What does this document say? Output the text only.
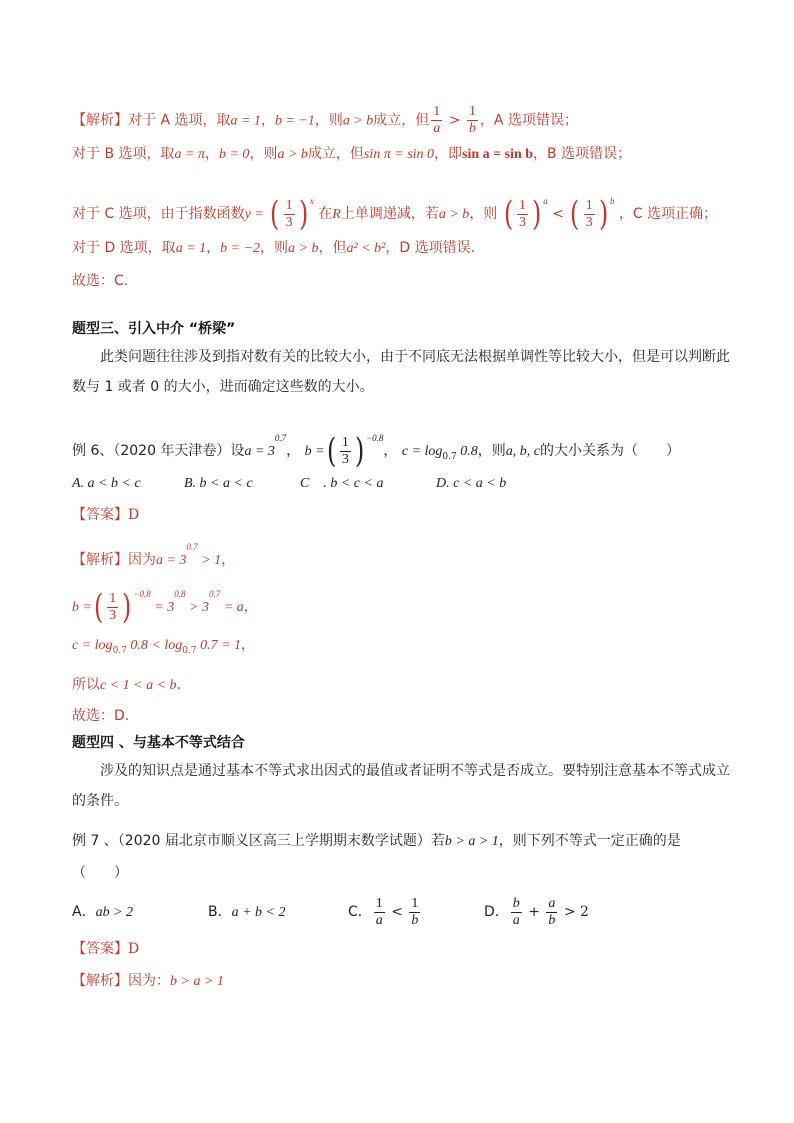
【解析】对于 A 选项，取a = 1，b = −1，则a > b成立，但 $\frac{1}{a} > \frac{1}{b}$ ，A 选项错误；
对于 B 选项，取a = π，b = 0，则a > b成立，但sin π = sin 0，即sin a = sin b，B 选项错误；
对于 C 选项，由于指数函数y = ( $\frac{1}{3}$ ) $^x$ 在R上单调递减，若a > b，则 ( $\frac{1}{3}$ ) $^a$ < ( $\frac{1}{3}$ ) $^b$ ，C 选项正确；
对于 D 选项，取a = 1，b = −2，则a > b，但a² < b²，D 选项错误.
故选：C.
题型三、引入中介 “桥梁”
此类问题往往涉及到指对数有关的比较大小，由于不同底无法根据单调性等比较大小，但是可以判断此数与 1 或者 0 的大小，进而确定这些数的大小。
例 6、（2020 年天津卷）设$a = 3^{0.7}$， b =( $\frac{1}{3}$ ) $^{-0.8}$， $c = \log_{0.7} 0.8$，则a, b, c的大小关系为（　　）
A. a < b < c	B. b < a < c	C　. b < c < a	D. c < a < b
【答案】D
【解析】因为$a = 3^{0.7} > 1$，
b =( $\frac{1}{3}$ ) $^{-0.8} = 3^{0.8} > 3^{0.7} = a$，
$c = \log_{0.7} 0.8 < \log_{0.7} 0.7 = 1$，
所以c < 1 < a < b.
故选：D.
题型四 、与基本不等式结合
涉及的知识点是通过基本不等式求出因式的最值或者证明不等式是否成立。要特别注意基本不等式成立的条件。
例 7 、（2020 届北京市顺义区高三上学期期末数学试题）若b > a > 1，则下列不等式一定正确的是
（　　）
A．ab > 2	B．a + b < 2	C． $\frac{1}{a} < \frac{1}{b}$	D． $\frac{b}{a} + \frac{a}{b} > 2$
【答案】D
【解析】因为：b > a > 1
